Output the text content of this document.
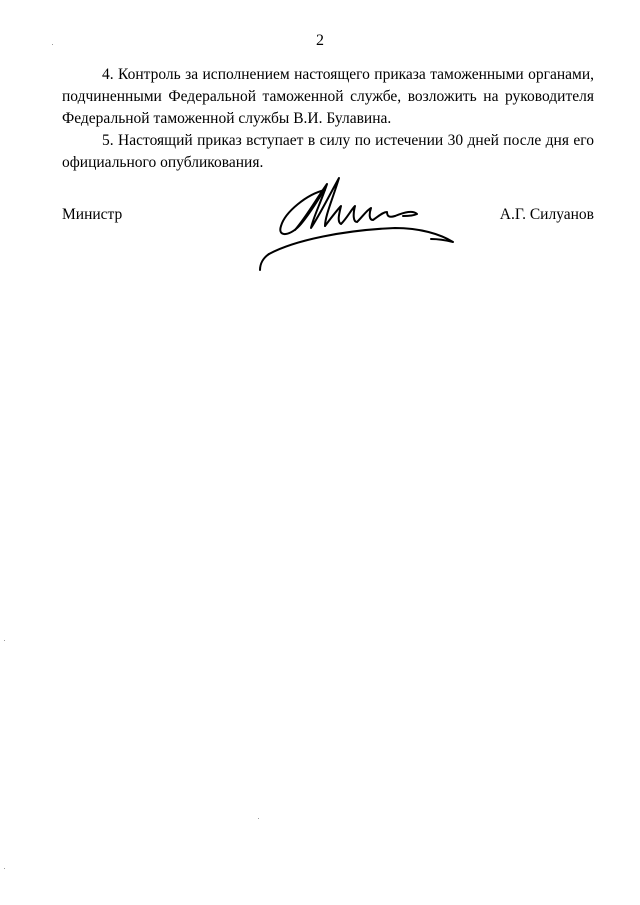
2

4. Контроль за исполнением настоящего приказа таможенными органами, подчиненными Федеральной таможенной службе, возложить на руководителя Федеральной таможенной службы В.И. Булавина.

5. Настоящий приказ вступает в силу по истечении 30 дней после дня его официального опубликования.

Министр	А.Г. Силуанов
